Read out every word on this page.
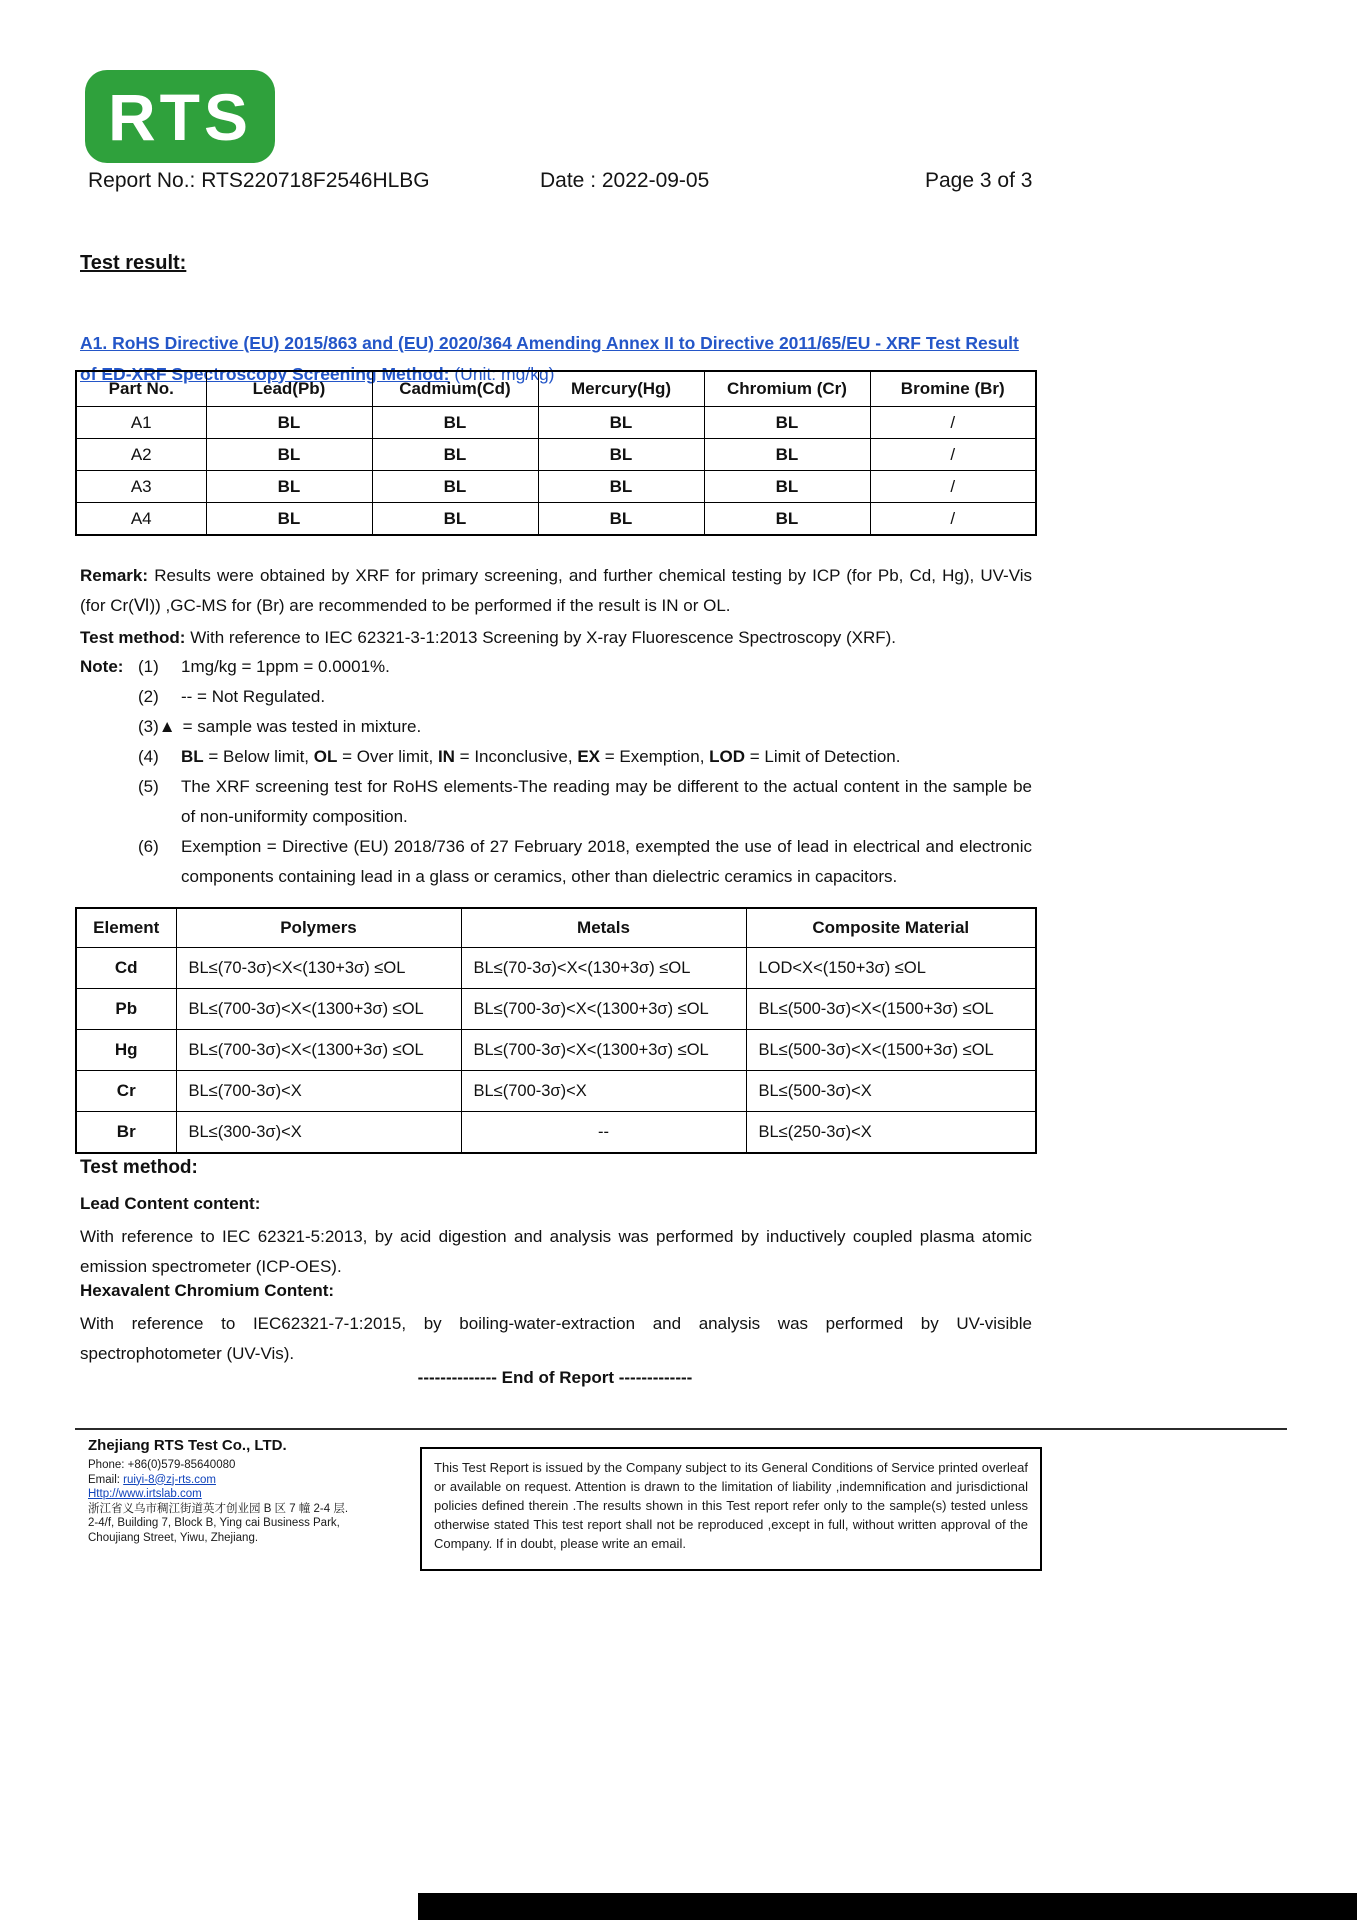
RTS
Report No.: RTS220718F2546HLBG	Date : 2022-09-05	Page 3 of 3
Test result:

A1. RoHS Directive (EU) 2015/863 and (EU) 2020/364 Amending Annex II to Directive 2011/65/EU - XRF Test Result of ED-XRF Spectroscopy Screening Method: (Unit: mg/kg)

Part No.	Lead(Pb)	Cadmium(Cd)	Mercury(Hg)	Chromium (Cr)	Bromine (Br)
A1	BL	BL	BL	BL	/
A2	BL	BL	BL	BL	/
A3	BL	BL	BL	BL	/
A4	BL	BL	BL	BL	/

Remark: Results were obtained by XRF for primary screening, and further chemical testing by ICP (for Pb, Cd, Hg), UV-Vis (for Cr(Ⅵ)) ,GC-MS for (Br) are recommended to be performed if the result is IN or OL.

Test method: With reference to IEC 62321-3-1:2013 Screening by X-ray Fluorescence Spectroscopy (XRF).

Note: (1)	1mg/kg = 1ppm = 0.0001%.
(2)	-- = Not Regulated.
(3)▲ = sample was tested in mixture.
(4)	BL = Below limit, OL = Over limit, IN = Inconclusive, EX = Exemption, LOD = Limit of Detection.
(5)	The XRF screening test for RoHS elements-The reading may be different to the actual content in the sample be of non-uniformity composition.
(6)	Exemption = Directive (EU) 2018/736 of 27 February 2018, exempted the use of lead in electrical and electronic components containing lead in a glass or ceramics, other than dielectric ceramics in capacitors.
Element	Polymers	Metals	Composite Material
Cd	BL≤(70-3σ)<X<(130+3σ) ≤OL	BL≤(70-3σ)<X<(130+3σ) ≤OL	LOD<X<(150+3σ) ≤OL
Pb	BL≤(700-3σ)<X<(1300+3σ) ≤OL	BL≤(700-3σ)<X<(1300+3σ) ≤OL	BL≤(500-3σ)<X<(1500+3σ) ≤OL
Hg	BL≤(700-3σ)<X<(1300+3σ) ≤OL	BL≤(700-3σ)<X<(1300+3σ) ≤OL	BL≤(500-3σ)<X<(1500+3σ) ≤OL
Cr	BL≤(700-3σ)<X	BL≤(700-3σ)<X	BL≤(500-3σ)<X
Br	BL≤(300-3σ)<X	--	BL≤(250-3σ)<X
Test method:
Lead Content content:

With reference to IEC 62321-5:2013, by acid digestion and analysis was performed by inductively coupled plasma atomic emission spectrometer (ICP-OES).

Hexavalent Chromium Content:

With reference to IEC62321-7-1:2015, by boiling-water-extraction and analysis was performed by UV-visible spectrophotometer (UV-Vis).

-------------- End of Report -------------
Zhejiang RTS Test Co., LTD.
Phone: +86(0)579-85640080
Email: ruiyi-8@zj-rts.com
Http://www.irtslab.com
浙江省义乌市稠江街道英才创业园 B 区 7 幢 2-4 层.
2-4/f, Building 7, Block B, Ying cai Business Park,
Choujiang Street, Yiwu, Zhejiang.

This Test Report is issued by the Company subject to its General Conditions of Service printed overleaf or available on request. Attention is drawn to the limitation of liability ,indemnification and jurisdictional policies defined therein .The results shown in this Test report refer only to the sample(s) tested unless otherwise stated This test report shall not be reproduced ,except in full, without written approval of the Company. If in doubt, please write an email.
